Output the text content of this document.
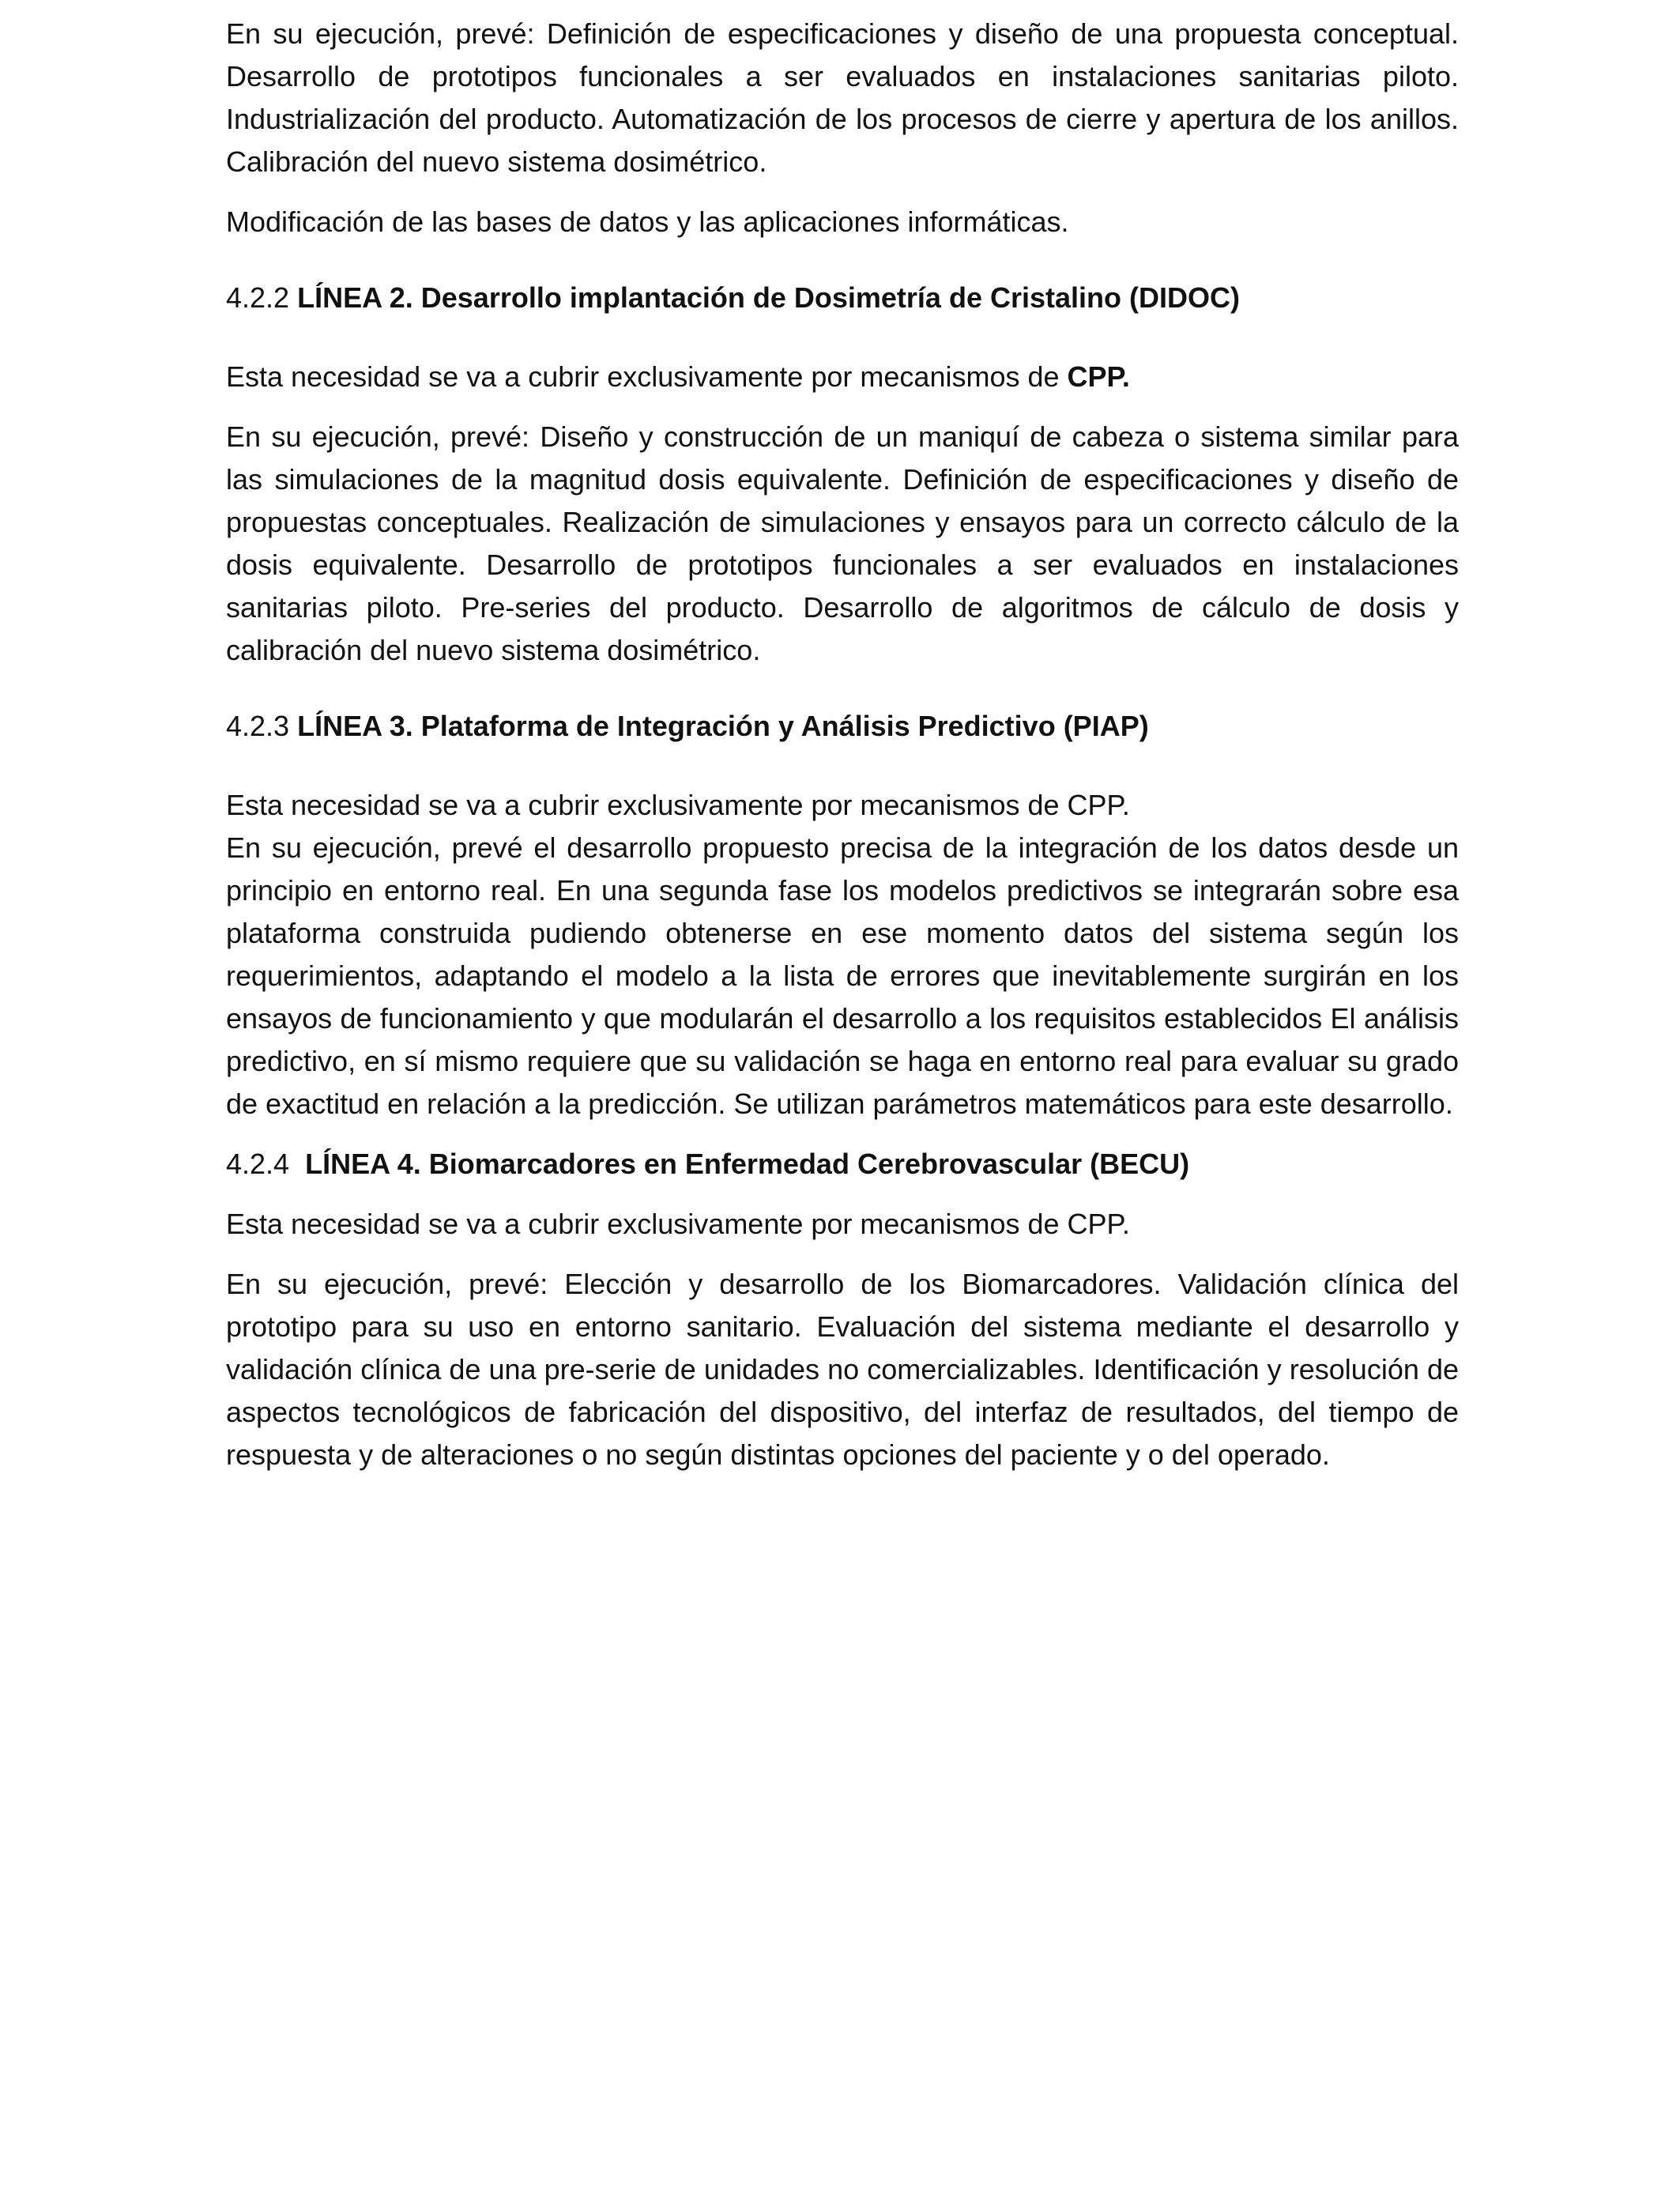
En su ejecución, prevé: Definición de especificaciones y diseño de una propuesta conceptual. Desarrollo de prototipos funcionales a ser evaluados en instalaciones sanitarias piloto. Industrialización del producto. Automatización de los procesos de cierre y apertura de los anillos. Calibración del nuevo sistema dosimétrico.

Modificación de las bases de datos y las aplicaciones informáticas.

4.2.2 LÍNEA 2. Desarrollo implantación de Dosimetría de Cristalino (DIDOC)

Esta necesidad se va a cubrir exclusivamente por mecanismos de CPP.

En su ejecución, prevé: Diseño y construcción de un maniquí de cabeza o sistema similar para las simulaciones de la magnitud dosis equivalente. Definición de especificaciones y diseño de propuestas conceptuales. Realización de simulaciones y ensayos para un correcto cálculo de la dosis equivalente. Desarrollo de prototipos funcionales a ser evaluados en instalaciones sanitarias piloto. Pre-series del producto. Desarrollo de algoritmos de cálculo de dosis y calibración del nuevo sistema dosimétrico.

4.2.3 LÍNEA 3. Plataforma de Integración y Análisis Predictivo (PIAP)

Esta necesidad se va a cubrir exclusivamente por mecanismos de CPP.

En su ejecución, prevé el desarrollo propuesto precisa de la integración de los datos desde un principio en entorno real. En una segunda fase los modelos predictivos se integrarán sobre esa plataforma construida pudiendo obtenerse en ese momento datos del sistema según los requerimientos, adaptando el modelo a la lista de errores que inevitablemente surgirán en los ensayos de funcionamiento y que modularán el desarrollo a los requisitos establecidos El análisis predictivo, en sí mismo requiere que su validación se haga en entorno real para evaluar su grado de exactitud en relación a la predicción. Se utilizan parámetros matemáticos para este desarrollo.

4.2.4  LÍNEA 4. Biomarcadores en Enfermedad Cerebrovascular (BECU)

Esta necesidad se va a cubrir exclusivamente por mecanismos de CPP.

En su ejecución, prevé: Elección y desarrollo de los Biomarcadores. Validación clínica del prototipo para su uso en entorno sanitario. Evaluación del sistema mediante el desarrollo y validación clínica de una pre-serie de unidades no comercializables. Identificación y resolución de aspectos tecnológicos de fabricación del dispositivo, del interfaz de resultados, del tiempo de respuesta y de alteraciones o no según distintas opciones del paciente y o del operado.
